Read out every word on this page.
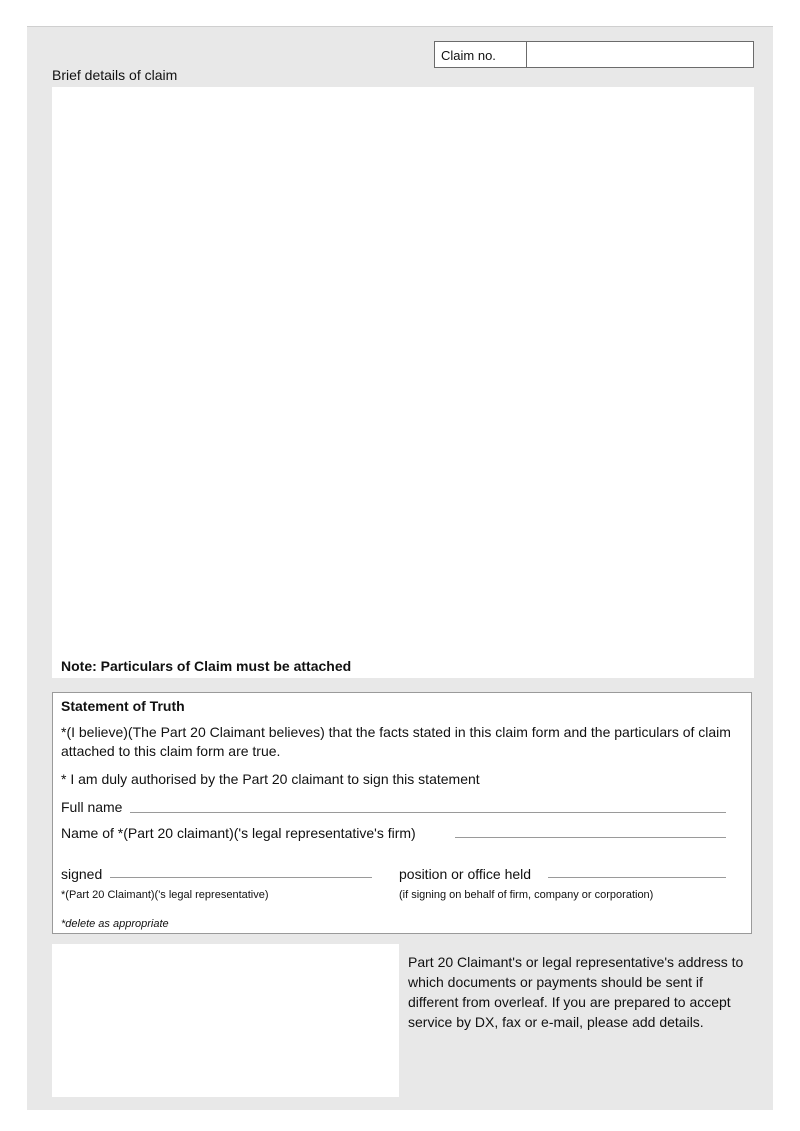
Claim no.
Brief details of claim
Note: Particulars of Claim must be attached
Statement of Truth
*(I believe)(The Part 20 Claimant believes) that the facts stated in this claim form and the particulars of claim attached to this claim form are true.
* I am duly authorised by the Part 20 claimant to sign this statement
Full name
Name of *(Part 20 claimant)('s legal representative's firm)
signed
*(Part 20 Claimant)('s legal representative)
position or office held
(if signing on behalf of firm, company or corporation)
*delete as appropriate
Part 20 Claimant's or legal representative's address to which documents or payments should be sent if different from overleaf. If you are prepared to accept service by DX, fax or e-mail, please add details.
